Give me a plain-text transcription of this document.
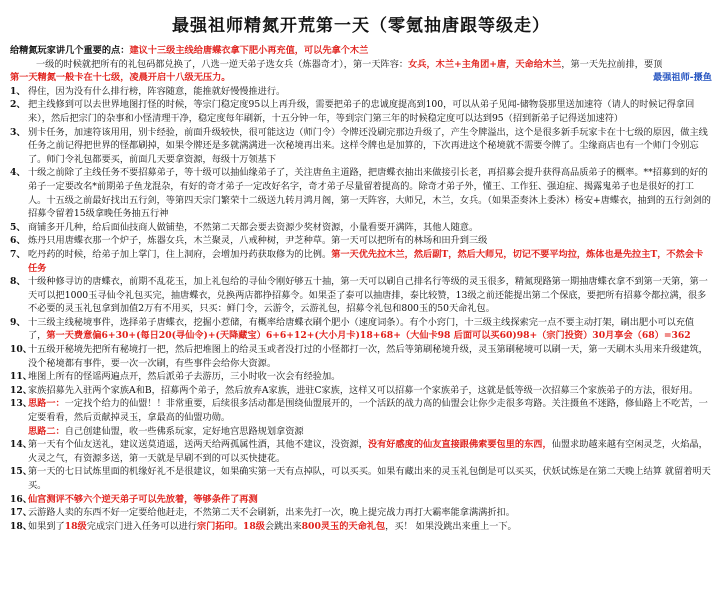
最强祖师精氮开荒第一天（零氪抽唐跟等级走）

给精氮玩家讲几个重要的点：建议十三级主线给唐蝶衣拿下肥小再充值，可以先拿个木兰

一级的时候就把所有的礼包码都兑换了，八选一逆天弟子选女兵（炼器奇才），第一天阵容：女兵，木兰+主角团+唐，天命给木兰，第一天先拉前排，要顶

第一天精氮一般卡在十七级，凌晨开启十八级无压力。	最强祖师-摄鱼

1、 得住，因为没有什么排行榜，阵容随意，能推就好慢慢推进行。
2、 把主线修到可以去世界地图打怪的时候，等宗门稳定度95以上再升级，需要把弟子的忠诚度提高到100，可以从弟子见闻-储物袋那里送加速符（请人的时候记得拿回来），然后把宗门的杂事和小怪清理干净，稳定度每年刷新，十五分钟一年，等到宗门第三年的时候稳定度可以达到95（招到新弟子记得送加速符）
3、 别卡任务，加速符该用用，别卡经验，前面升级较快，很可能这边（师门令）令牌还没刷完那边升级了，产生令牌溢出，这个是很多新手玩家卡在十七级的原因，做主线任务之前记得把世界的怪都刷掉，如果令牌还是多就满满进一次秘境再出来。这样令牌也是加算的，下次再进这个秘境就不需要令牌了。尘缘商店也有一个师门令别忘了。师门令礼包都要买，前面几天要拿资源，每级十万领基下
4、 十级之前除了主线任务不要招募弟子，等十级可以抽仙缘弟子了，关注唐鱼主道路，把唐蝶衣抽出来做接引长老，再招募会提升获得高品质弟子的概率。**招募到的好的弟子一定要改名*前期弟子鱼龙混杂，有好的奇才弟子一定改好名字，奇才弟子尽量留着提高的。除奇才弟子外，懂王、工作狂、强迫症、揭露鬼弟子也是很好的打工人。十五级之前最好找出五行剑，等第四天宗门繁荣十二级送九转月鸿月阁，第一天阵容，大师兄，木兰，女兵。（如果歪奏沐上委沐）杨安+唐蝶衣，抽到的五行剑剑的招募令留着15级拿晚任务抽五行神
5、 商铺多开几种，给后面仙技商人做铺垫，不然第二天都会要去资源少奖材资源，小量看要开满阵，其他人随意。
6、 炼丹只用唐蝶衣那一个炉子，炼器女兵，木兰聚灵，八戒种树，尹芝种草。第一天可以把所有的林场和田升到三级
7、 吃丹药的时候，给弟子加上掌门，住上洞府，会增加丹药获取修为的比例。第一天优先拉木兰，然后副T，然后大师兄，切记不要平均拉，炼体也是先拉主T，不然会卡任务
8、 十级种修寻访的唐蝶衣，前期不乱花玉，加上礼包给的寻仙令刚好够五十抽，第一天可以刷自己排名行等级的灵玉很多，精氮现路第一期抽唐蝶衣拿不到第一天第，第一天可以把1000玉寻仙令礼包买完，抽唐蝶衣，兑换两店都挣招募令。如果歪了泰可以抽唐排，泰比较赞，13级之前还能提出第二个保底，要把所有招募令都拉满，很多不必要的灵玉礼包拿到加值2万有不用买，只买：鲜门令，云游令，云游礼包，招募令礼包和800玉的50天命礼包。
9、 十三级主线秘境事件，选择弟子唐蝶衣，挖掘小惹储，有概率给唐蝶衣刷个肥小（速度词条）。有个小窍门，十三级主线探索完一点不要主动打架，刷出肥小可以充值了，第一天费意偏6+30+(每日20(寻仙令)+(天降藏宝）6+6+12+(大小月卡)18+68+（大仙卡98 后面可以买60)98+（宗门投资）30月享会（68）=362
10、
十五级开秘境先把所有秘境打一把，然后把堆图上的给灵玉或者没打过的小怪都打一次，然后等第刷秘境升级，灵玉第刷秘境可以刷一天，第一天刷木头用来升级建筑，没个秘境都有事件，要一次一次刷，有些事件会给你大资源。
11、
堆图上所有的怪谣两遍点开，然后派弟子去游历，三小时收一次会有经验加。
12、
家族招募先入驻两个家族A和B，招募两个弟子，然后放弃A家族，进驻C家族，这样又可以招募一个家族弟子，这就是低等级一次招募三个家族弟子的方法，很好用。
13、
思路一：一定找个给力的仙盟！！非常重要，后续很多活动都是围绕仙盟展开的，一个活跃的战力高的仙盟会让你少走很多弯路。关注摄鱼不迷路，修仙路上不吃苦，一定要看看，然后贡献掉灵玉，拿最高的仙盟功勋。
思路二：自己创建仙盟，收一些佛系玩家，定好地宫思路规划拿资源
14、
第一天有个仙友送礼，建议送莫逍遥，送两天给两孤属性酒，其他不建议，没资源，没有好感度的仙友直接跟佛索要包里的东西，仙盟求助越来越有空闲灵芝，火焰晶，火灵之气，有资源多送，第一天就是早刷不到的可以买快捷花。
15、
第一天的七日试炼里面的机缘好礼不是很建议，如果确实第一天有点掉队，可以买买。如果有藏出来的灵玉礼包倒是可以买买，伏妖试炼是在第二天晚上结算 就留着明天买。
16、
仙宫测评不够六个逆天弟子可以先放着，等够条件了再测
17、
云游路人卖的东西不好一定要给他赶走，不然第二天不会刷新，出来先打一次，晚上提完战力再打大霸率能拿满满折扣。
18、
如果到了18级完成宗门进入任务可以进行宗门拓印。18级会跳出来800灵玉的天命礼包，买！ 如果没跳出来重上一下。
